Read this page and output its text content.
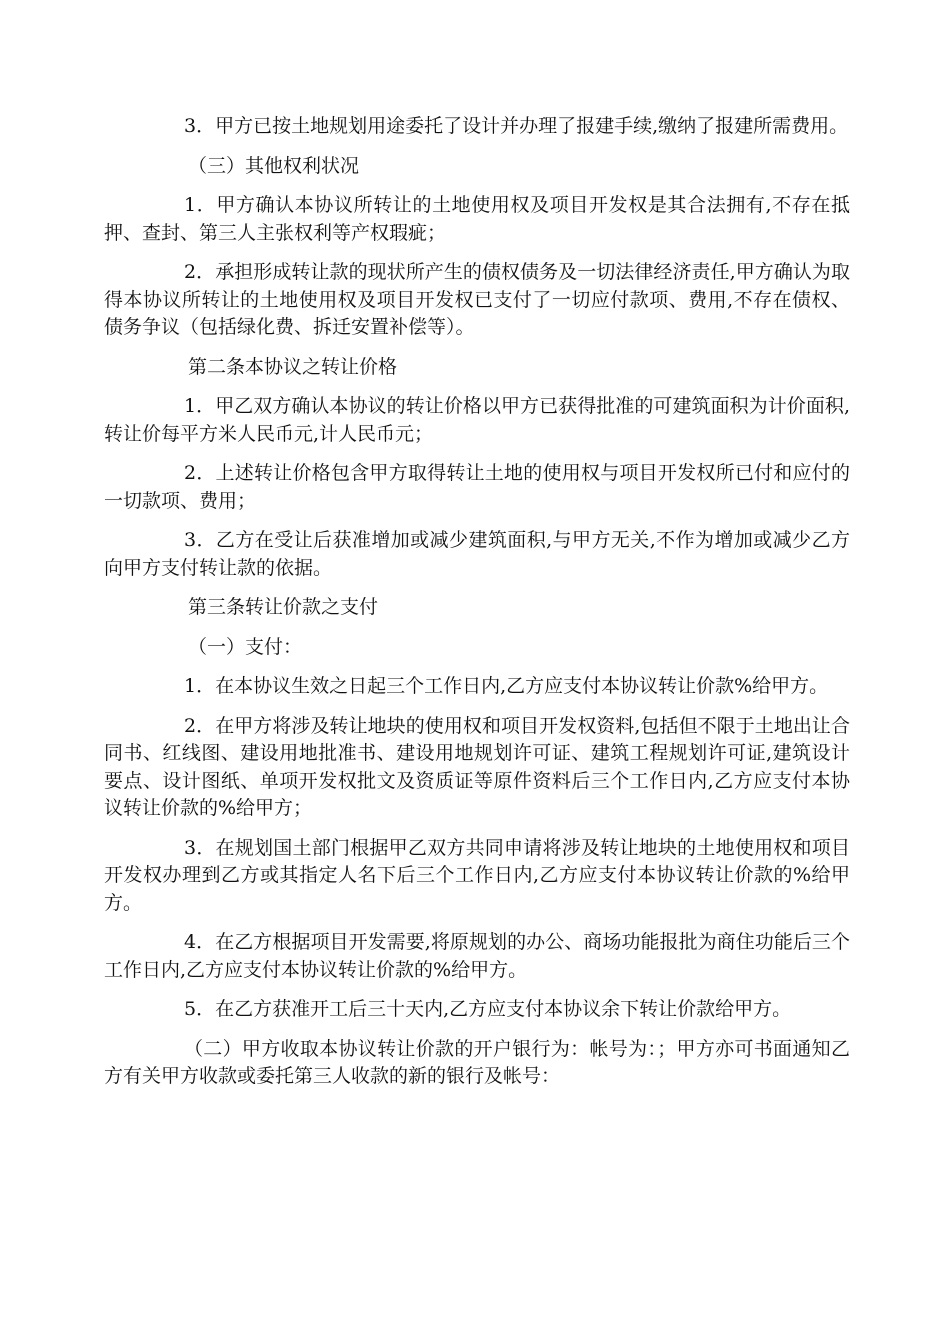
3．甲方已按土地规划用途委托了设计并办理了报建手续,缴纳了报建所需费用。

（三）其他权利状况

1．甲方确认本协议所转让的土地使用权及项目开发权是其合法拥有,不存在抵押、查封、第三人主张权利等产权瑕疵；

2．承担形成转让款的现状所产生的债权债务及一切法律经济责任,甲方确认为取得本协议所转让的土地使用权及项目开发权已支付了一切应付款项、费用,不存在债权、债务争议（包括绿化费、拆迁安置补偿等）。

第二条本协议之转让价格

1．甲乙双方确认本协议的转让价格以甲方已获得批准的可建筑面积为计价面积,转让价每平方米人民币元,计人民币元；

2．上述转让价格包含甲方取得转让土地的使用权与项目开发权所已付和应付的一切款项、费用；

3．乙方在受让后获准增加或减少建筑面积,与甲方无关,不作为增加或减少乙方向甲方支付转让款的依据。

第三条转让价款之支付

（一）支付：

1．在本协议生效之日起三个工作日内,乙方应支付本协议转让价款%给甲方。

2．在甲方将涉及转让地块的使用权和项目开发权资料,包括但不限于土地出让合同书、红线图、建设用地批准书、建设用地规划许可证、建筑工程规划许可证,建筑设计要点、设计图纸、单项开发权批文及资质证等原件资料后三个工作日内,乙方应支付本协议转让价款的%给甲方；

3．在规划国土部门根据甲乙双方共同申请将涉及转让地块的土地使用权和项目开发权办理到乙方或其指定人名下后三个工作日内,乙方应支付本协议转让价款的%给甲方。

4．在乙方根据项目开发需要,将原规划的办公、商场功能报批为商住功能后三个工作日内,乙方应支付本协议转让价款的%给甲方。

5．在乙方获准开工后三十天内,乙方应支付本协议余下转让价款给甲方。

（二）甲方收取本协议转让价款的开户银行为：帐号为：；甲方亦可书面通知乙方有关甲方收款或委托第三人收款的新的银行及帐号：
